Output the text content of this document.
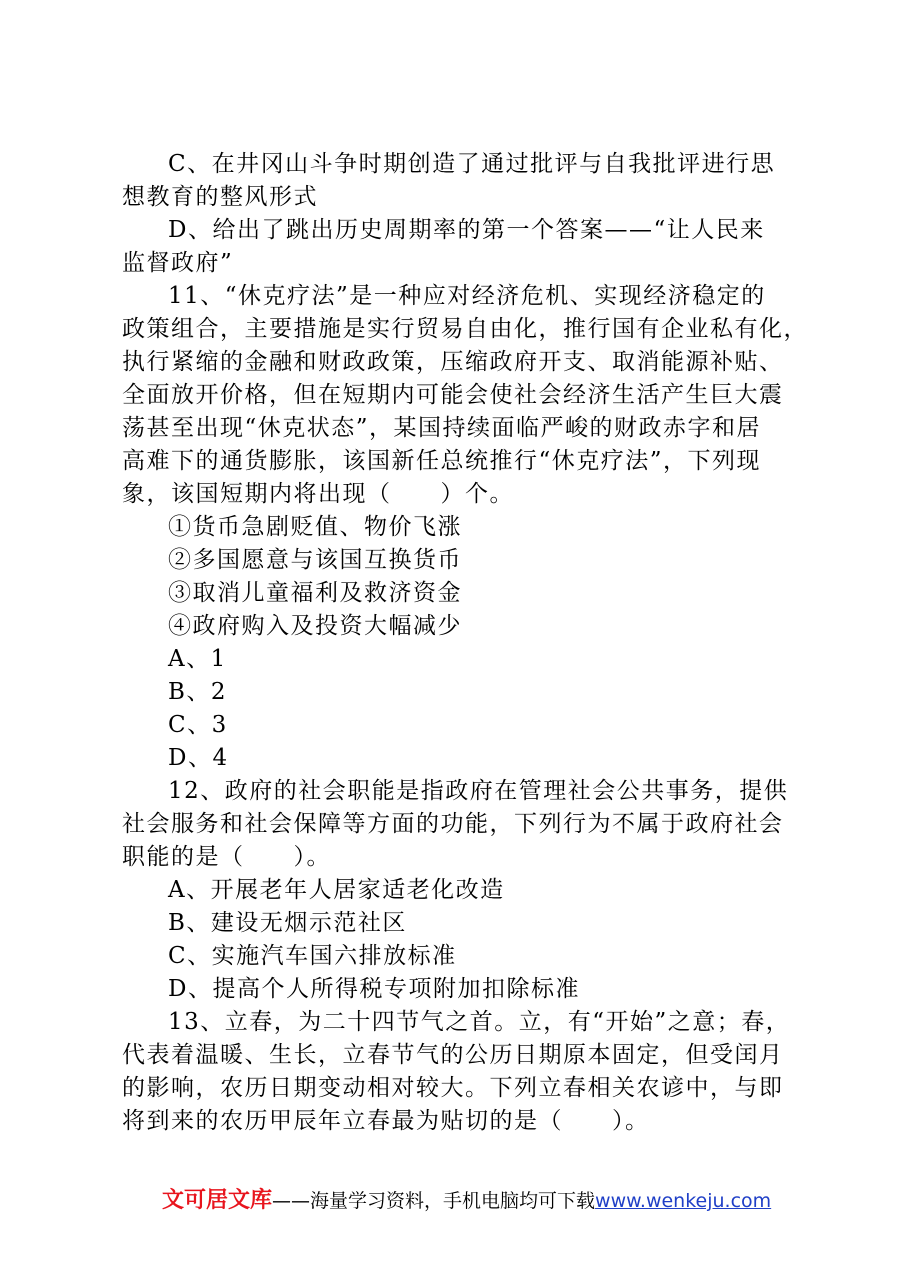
C、在井冈山斗争时期创造了通过批评与自我批评进行思
想教育的整风形式
D、给出了跳出历史周期率的第一个答案——“让人民来
监督政府”
11、“休克疗法”是一种应对经济危机、实现经济稳定的
政策组合，主要措施是实行贸易自由化，推行国有企业私有化，
执行紧缩的金融和财政政策，压缩政府开支、取消能源补贴、
全面放开价格，但在短期内可能会使社会经济生活产生巨大震
荡甚至出现“休克状态”，某国持续面临严峻的财政赤字和居
高难下的通货膨胀，该国新任总统推行“休克疗法”，下列现
象，该国短期内将出现（　　）个。
①货币急剧贬值、物价飞涨
②多国愿意与该国互换货币
③取消儿童福利及救济资金
④政府购入及投资大幅减少
A、1
B、2
C、3
D、4
12、政府的社会职能是指政府在管理社会公共事务，提供
社会服务和社会保障等方面的功能，下列行为不属于政府社会
职能的是（　　）。
A、开展老年人居家适老化改造
B、建设无烟示范社区
C、实施汽车国六排放标准
D、提高个人所得税专项附加扣除标准
13、立春，为二十四节气之首。立，有“开始”之意；春，
代表着温暖、生长，立春节气的公历日期原本固定，但受闰月
的影响，农历日期变动相对较大。下列立春相关农谚中，与即
将到来的农历甲辰年立春最为贴切的是（　　）。
文可居文库——海量学习资料，手机电脑均可下载www.wenkeju.com
